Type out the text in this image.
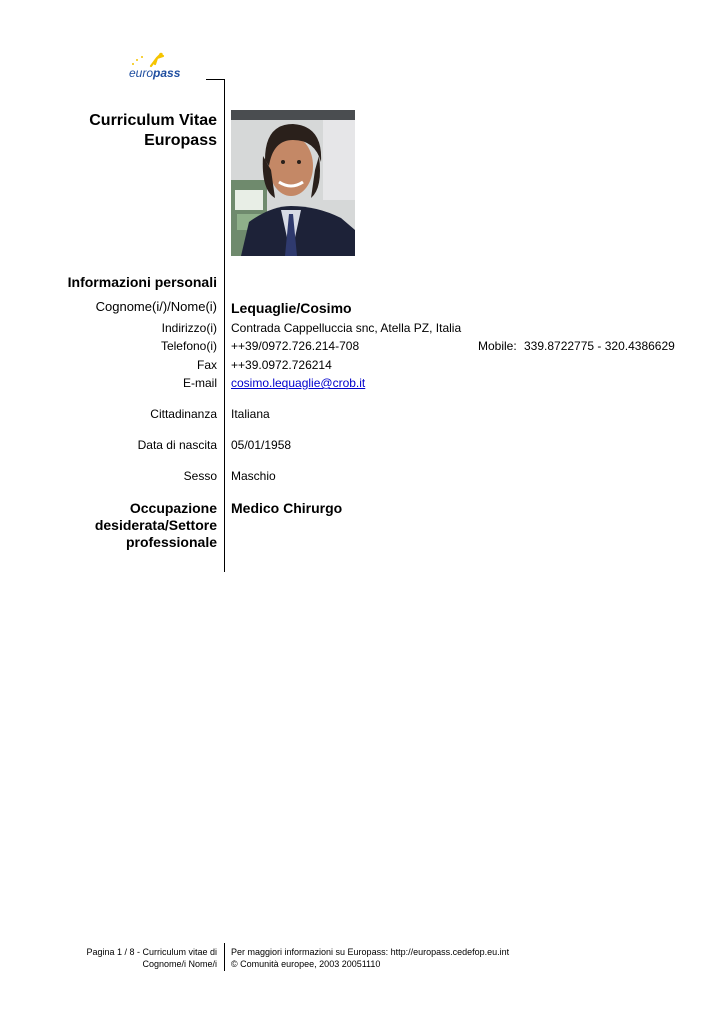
europass
Curriculum Vitae
Europass
Informazioni personali
Cognome(i/)/Nome(i) Lequaglie/Cosimo
Indirizzo(i) Contrada Cappelluccia snc, Atella PZ, Italia
Telefono(i) ++39/0972.726.214-708	Mobile: 339.8722775 - 320.4386629
Fax ++39.0972.726214
E-mail cosimo.lequaglie@crob.it
Cittadinanza Italiana
Data di nascita 05/01/1958
Sesso Maschio
Occupazione
desiderata/Settore
professionale
Medico Chirurgo
Pagina 1 / 8 - Curriculum vitae di
Cognome/i Nome/i
Per maggiori informazioni su Europass: http://europass.cedefop.eu.int
© Comunità europee, 2003 20051110
